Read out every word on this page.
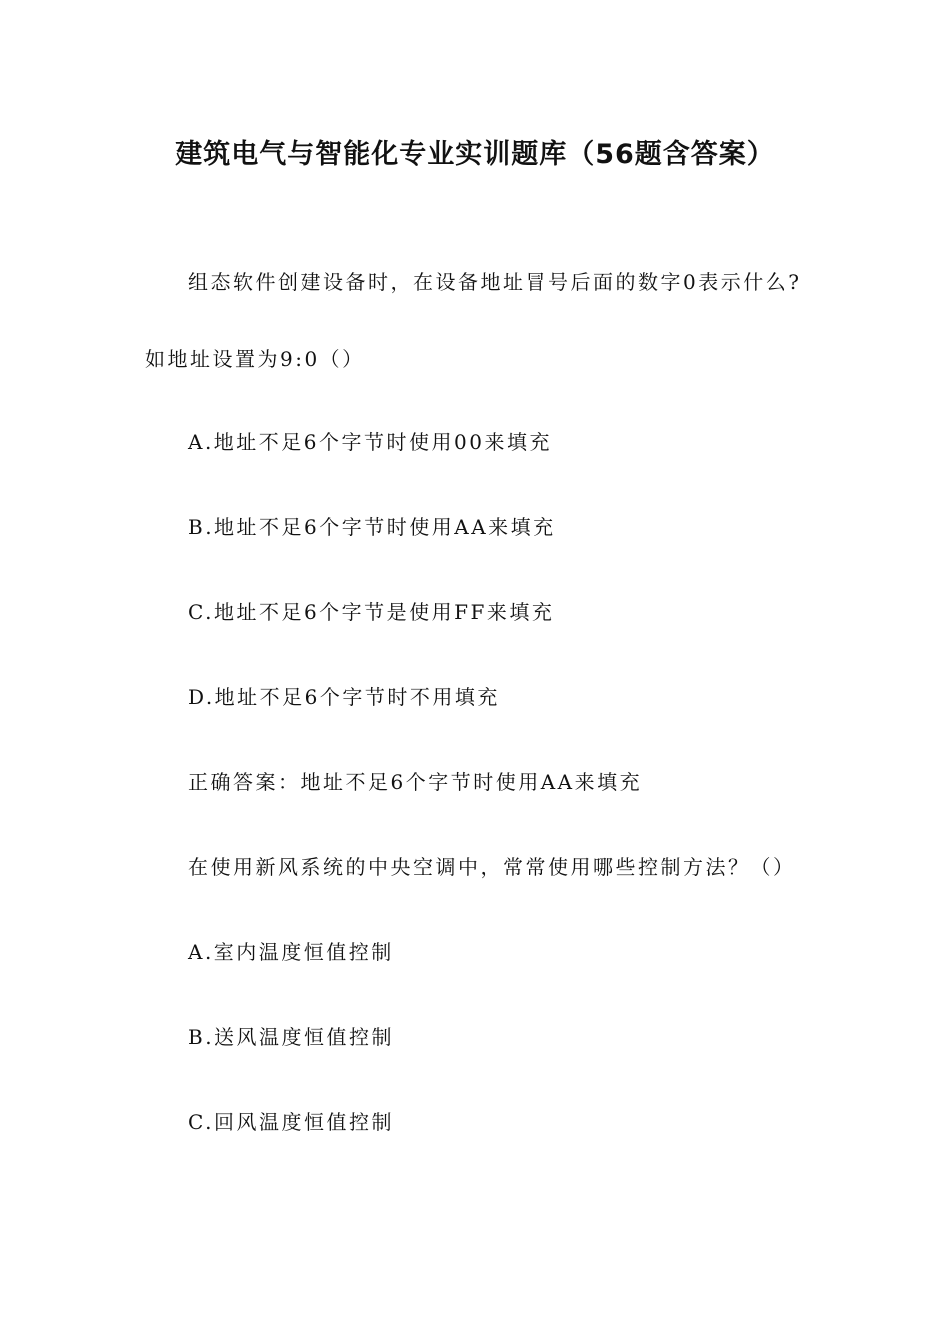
建筑电气与智能化专业实训题库（56题含答案）
组态软件创建设备时，在设备地址冒号后面的数字0表示什么?
如地址设置为9:0（）
A.地址不足6个字节时使用00来填充
B.地址不足6个字节时使用AA来填充
C.地址不足6个字节是使用FF来填充
D.地址不足6个字节时不用填充
正确答案：地址不足6个字节时使用AA来填充
在使用新风系统的中央空调中，常常使用哪些控制方法？（）
A.室内温度恒值控制
B.送风温度恒值控制
C.回风温度恒值控制
